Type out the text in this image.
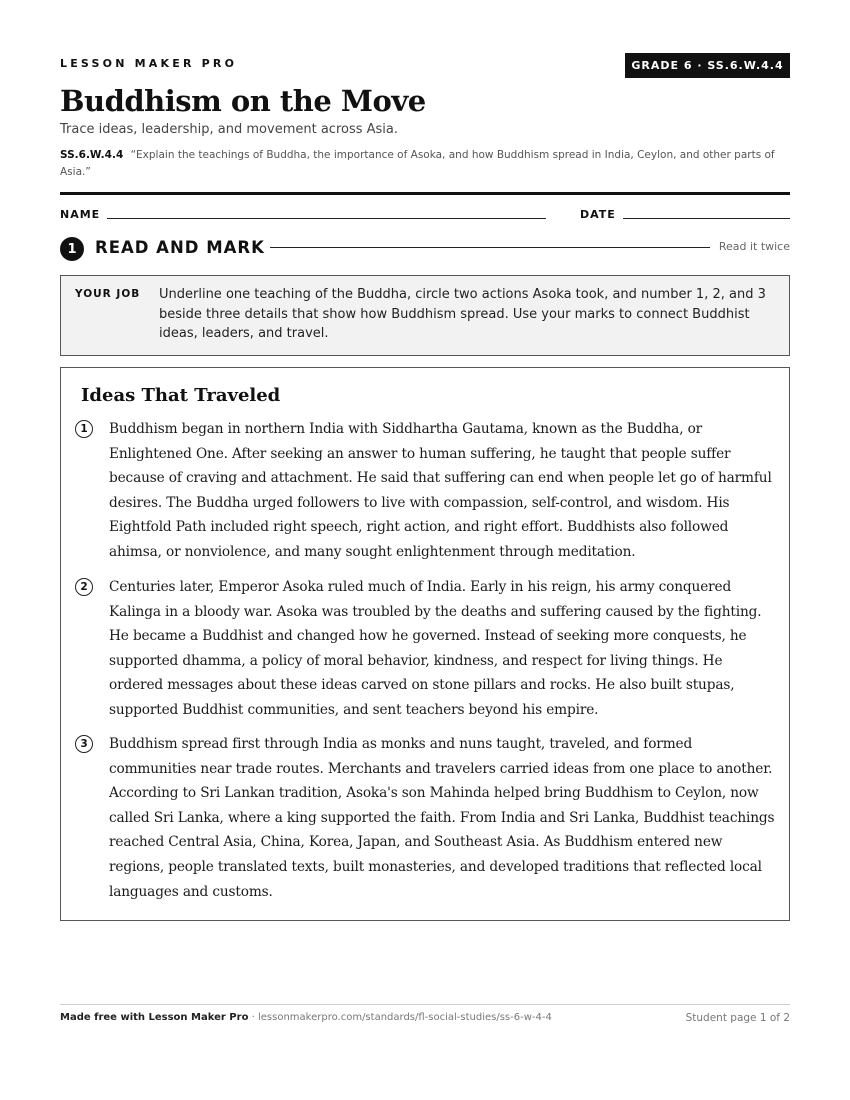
LESSON MAKER PRO	GRADE 6 · SS.6.W.4.4
Buddhism on the Move
Trace ideas, leadership, and movement across Asia.
SS.6.W.4.4 “Explain the teachings of Buddha, the importance of Asoka, and how Buddhism spread in India, Ceylon, and other parts of Asia.”
NAME	DATE
1	READ AND MARK	Read it twice
YOUR JOB Underline one teaching of the Buddha, circle two actions Asoka took, and number 1, 2, and 3 beside three details that show how Buddhism spread. Use your marks to connect Buddhist ideas, leaders, and travel.
Ideas That Traveled
1	Buddhism began in northern India with Siddhartha Gautama, known as the Buddha, or Enlightened One. After seeking an answer to human suffering, he taught that people suffer because of craving and attachment. He said that suffering can end when people let go of harmful desires. The Buddha urged followers to live with compassion, self-control, and wisdom. His Eightfold Path included right speech, right action, and right effort. Buddhists also followed ahimsa, or nonviolence, and many sought enlightenment through meditation.
2	Centuries later, Emperor Asoka ruled much of India. Early in his reign, his army conquered Kalinga in a bloody war. Asoka was troubled by the deaths and suffering caused by the fighting. He became a Buddhist and changed how he governed. Instead of seeking more conquests, he supported dhamma, a policy of moral behavior, kindness, and respect for living things. He ordered messages about these ideas carved on stone pillars and rocks. He also built stupas, supported Buddhist communities, and sent teachers beyond his empire.
3	Buddhism spread first through India as monks and nuns taught, traveled, and formed communities near trade routes. Merchants and travelers carried ideas from one place to another. According to Sri Lankan tradition, Asoka's son Mahinda helped bring Buddhism to Ceylon, now called Sri Lanka, where a king supported the faith. From India and Sri Lanka, Buddhist teachings reached Central Asia, China, Korea, Japan, and Southeast Asia. As Buddhism entered new regions, people translated texts, built monasteries, and developed traditions that reflected local languages and customs.
Made free with Lesson Maker Pro · lessonmakerpro.com/standards/fl-social-studies/ss-6-w-4-4	Student page 1 of 2
